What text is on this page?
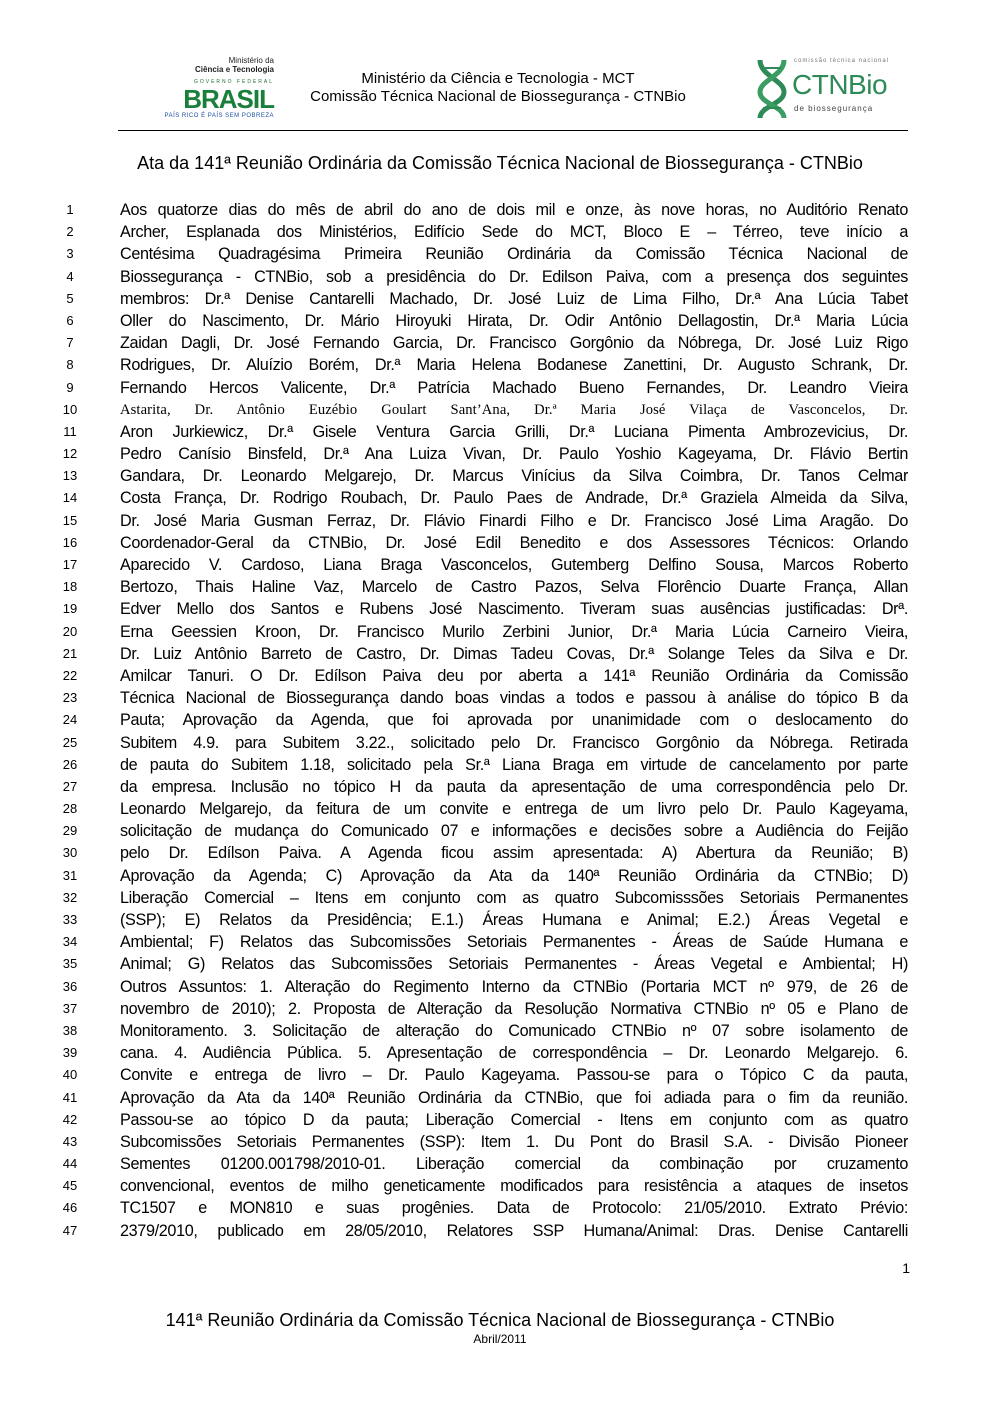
Ministério da
Ciência e Tecnologia
GOVERNO FEDERAL
BRASIL
PAÍS RICO É PAÍS SEM POBREZA
Ministério da Ciência e Tecnologia - MCT
Comissão Técnica Nacional de Biossegurança - CTNBio
comissão técnica nacional
CTNBio
de biossegurança
Ata da 141ª Reunião Ordinária da Comissão Técnica Nacional de Biossegurança - CTNBio
1	Aos quatorze dias do mês de abril do ano de dois mil e onze, às nove horas, no Auditório Renato
2	Archer, Esplanada dos Ministérios, Edifício Sede do MCT, Bloco E – Térreo, teve início a
3	Centésima Quadragésima Primeira Reunião Ordinária da Comissão Técnica Nacional de
4	Biossegurança - CTNBio, sob a presidência do Dr. Edilson Paiva, com a presença dos seguintes
5	membros: Dr.ª Denise Cantarelli Machado, Dr. José Luiz de Lima Filho, Dr.ª Ana Lúcia Tabet
6	Oller do Nascimento, Dr. Mário Hiroyuki Hirata, Dr. Odir Antônio Dellagostin, Dr.ª Maria Lúcia
7	Zaidan Dagli, Dr. José Fernando Garcia, Dr. Francisco Gorgônio da Nóbrega, Dr. José Luiz Rigo
8	Rodrigues, Dr. Aluízio Borém, Dr.ª Maria Helena Bodanese Zanettini, Dr. Augusto Schrank, Dr.
9	Fernando Hercos Valicente, Dr.ª Patrícia Machado Bueno Fernandes, Dr. Leandro Vieira
10	Astarita, Dr. Antônio Euzébio Goulart Sant’Ana, Dr.ª Maria José Vilaça de Vasconcelos, Dr.
11	Aron Jurkiewicz, Dr.ª Gisele Ventura Garcia Grilli, Dr.ª Luciana Pimenta Ambrozevicius, Dr.
12	Pedro Canísio Binsfeld, Dr.ª Ana Luiza Vivan, Dr. Paulo Yoshio Kageyama, Dr. Flávio Bertin
13	Gandara, Dr. Leonardo Melgarejo, Dr. Marcus Vinícius da Silva Coimbra, Dr. Tanos Celmar
14	Costa França, Dr. Rodrigo Roubach, Dr. Paulo Paes de Andrade, Dr.ª Graziela Almeida da Silva,
15	Dr. José Maria Gusman Ferraz, Dr. Flávio Finardi Filho e Dr. Francisco José Lima Aragão. Do
16	Coordenador-Geral da CTNBio, Dr. José Edil Benedito e dos Assessores Técnicos: Orlando
17	Aparecido V. Cardoso, Liana Braga Vasconcelos, Gutemberg Delfino Sousa, Marcos Roberto
18	Bertozo, Thais Haline Vaz, Marcelo de Castro Pazos, Selva Florêncio Duarte França, Allan
19	Edver Mello dos Santos e Rubens José Nascimento. Tiveram suas ausências justificadas: Drª.
20	Erna Geessien Kroon, Dr. Francisco Murilo Zerbini Junior, Dr.ª Maria Lúcia Carneiro Vieira,
21	Dr. Luiz Antônio Barreto de Castro, Dr. Dimas Tadeu Covas, Dr.ª Solange Teles da Silva e Dr.
22	Amilcar Tanuri. O Dr. Edílson Paiva deu por aberta a 141ª Reunião Ordinária da Comissão
23	Técnica Nacional de Biossegurança dando boas vindas a todos e passou à análise do tópico B da
24	Pauta; Aprovação da Agenda, que foi aprovada por unanimidade com o deslocamento do
25	Subitem 4.9. para Subitem 3.22., solicitado pelo Dr. Francisco Gorgônio da Nóbrega. Retirada
26	de pauta do Subitem 1.18, solicitado pela Sr.ª Liana Braga em virtude de cancelamento por parte
27	da empresa. Inclusão no tópico H da pauta da apresentação de uma correspondência pelo Dr.
28	Leonardo Melgarejo, da feitura de um convite e entrega de um livro pelo Dr. Paulo Kageyama,
29	solicitação de mudança do Comunicado 07 e informações e decisões sobre a Audiência do Feijão
30	pelo Dr. Edílson Paiva. A Agenda ficou assim apresentada: A) Abertura da Reunião; B)
31	Aprovação da Agenda; C) Aprovação da Ata da 140ª Reunião Ordinária da CTNBio; D)
32	Liberação Comercial – Itens em conjunto com as quatro Subcomisssões Setoriais Permanentes
33	(SSP); E) Relatos da Presidência; E.1.) Áreas Humana e Animal; E.2.) Áreas Vegetal e
34	Ambiental; F) Relatos das Subcomissões Setoriais Permanentes - Áreas de Saúde Humana e
35	Animal; G) Relatos das Subcomissões Setoriais Permanentes - Áreas Vegetal e Ambiental; H)
36	Outros Assuntos: 1. Alteração do Regimento Interno da CTNBio (Portaria MCT nº 979, de 26 de
37	novembro de 2010); 2. Proposta de Alteração da Resolução Normativa CTNBio nº 05 e Plano de
38	Monitoramento. 3. Solicitação de alteração do Comunicado CTNBio nº 07 sobre isolamento de
39	cana. 4. Audiência Pública. 5. Apresentação de correspondência – Dr. Leonardo Melgarejo. 6.
40	Convite e entrega de livro – Dr. Paulo Kageyama. Passou-se para o Tópico C da pauta,
41	Aprovação da Ata da 140ª Reunião Ordinária da CTNBio, que foi adiada para o fim da reunião.
42	Passou-se ao tópico D da pauta; Liberação Comercial - Itens em conjunto com as quatro
43	Subcomissões Setoriais Permanentes (SSP): Item 1. Du Pont do Brasil S.A. - Divisão Pioneer
44	Sementes 01200.001798/2010-01. Liberação comercial da combinação por cruzamento
45	convencional, eventos de milho geneticamente modificados para resistência a ataques de insetos
46	TC1507 e MON810 e suas progênies. Data de Protocolo: 21/05/2010. Extrato Prévio:
47	2379/2010, publicado em 28/05/2010, Relatores SSP Humana/Animal: Dras. Denise Cantarelli
1
141ª Reunião Ordinária da Comissão Técnica Nacional de Biossegurança - CTNBio
Abril/2011
